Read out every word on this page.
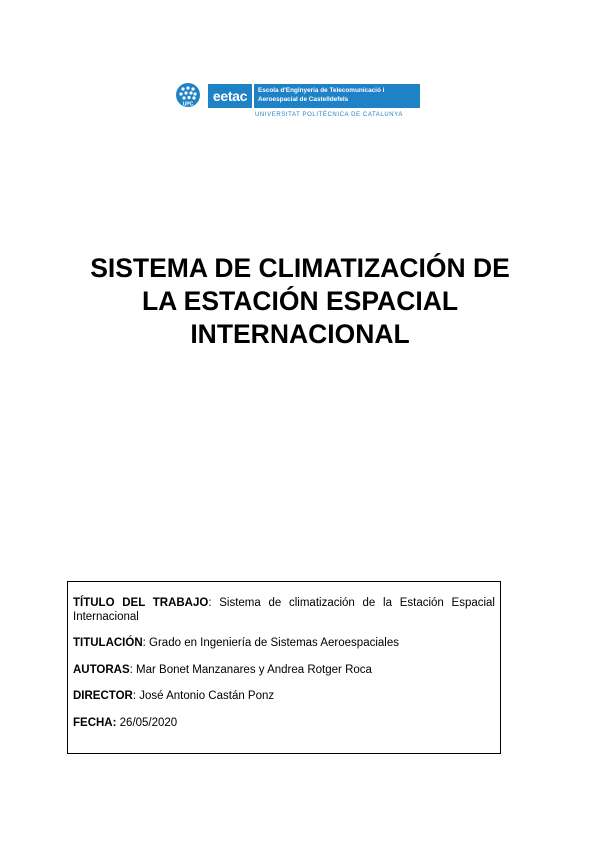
UPC
eetac	Escola d'Enginyeria de Telecomunicació i
Aeroespacial de Castelldefels
UNIVERSITAT POLITÈCNICA DE CATALUNYA
SISTEMA DE CLIMATIZACIÓN DE
LA ESTACIÓN ESPACIAL
INTERNACIONAL

TÍTULO DEL TRABAJO: Sistema de climatización de la Estación Espacial Internacional

TITULACIÓN: Grado en Ingeniería de Sistemas Aeroespaciales

AUTORAS: Mar Bonet Manzanares y Andrea Rotger Roca

DIRECTOR: José Antonio Castán Ponz

FECHA: 26/05/2020
